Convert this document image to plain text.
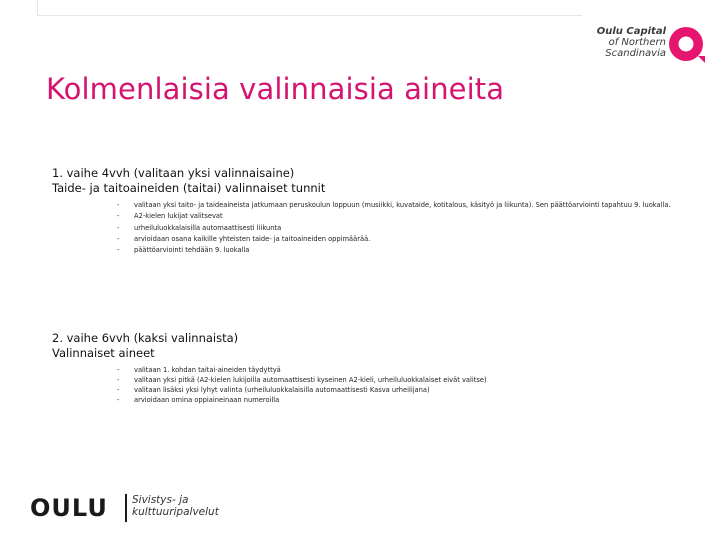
Oulu Capital
of Northern
Scandinavia
Kolmenlaisia valinnaisia aineita

1. vaihe 4vvh (valitaan yksi valinnaisaine)

Taide- ja taitoaineiden (taitai) valinnaiset tunnit

- valitaan yksi taito- ja taideaineista jatkumaan peruskoulun loppuun (musiikki, kuvataide, kotitalous, käsityö ja liikunta). Sen päättöarviointi tapahtuu 9. luokalla.
- A2-kielen lukijat valitsevat
- urheiluluokkalaisilla automaattisesti liikunta
- arvioidaan osana kaikille yhteisten taide- ja taitoaineiden oppimäärää.
- päättöarviointi tehdään 9. luokalla

2. vaihe 6vvh (kaksi valinnaista)

Valinnaiset aineet

- valitaan 1. kohdan taitai-aineiden täydyttyä
- valitaan yksi pitkä (A2-kielen lukijoilla automaattisesti kyseinen A2-kieli, urheiluluokkalaiset eivät valitse)
- valitaan lisäksi yksi lyhyt valinta (urheiluluokkalaisilla automaattisesti Kasva urheilijana)
- arvioidaan omina oppiaineinaan numeroilla
OULU Sivistys- ja
kulttuuripalvelut
